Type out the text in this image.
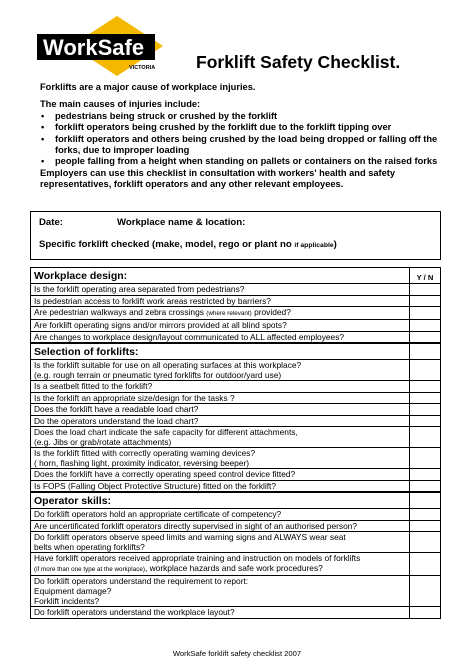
WorkSafe
VICTORIA Forklift Safety Checklist.

Forklifts are a major cause of workplace injuries.

The main causes of injuries include:

• pedestrians being struck or crushed by the forklift
• forklift operators being crushed by the forklift due to the forklift tipping over
• forklift operators and others being crushed by the load being dropped or falling off the forks, due to improper loading
• people falling from a height when standing on pallets or containers on the raised forks

Employers can use this checklist in consultation with workers' health and safety representatives, forklift operators and any other relevant employees.

Date:	Workplace name & location:
Specific forklift checked (make, model, rego or plant no if applicable)
Workplace design:	Y / N

Is the forklift operating area separated from pedestrians?	

Is pedestrian access to forklift work areas restricted by barriers?	

Are pedestrian walkways and zebra crossings (where relevant) provided?	

Are forklift operating signs and/or mirrors provided at all blind spots?	

Are changes to workplace design/layout communicated to ALL affected employees?	

Selection of forklifts:	

Is the forklift suitable for use on all operating surfaces at this workplace?
(e.g. rough terrain or pneumatic tyred forklifts for outdoor/yard use)	

Is a seatbelt fitted to the forklift?	

Is the forklift an appropriate size/design for the tasks ?	

Does the forklift have a readable load chart?	

Do the operators understand the load chart?	

Does the load chart indicate the safe capacity for different attachments,
(e.g. Jibs or grab/rotate attachments)	

Is the forklift fitted with correctly operating warning devices?
( horn, flashing light, proximity indicator, reversing beeper)	

Does the forklift have a correctly operating speed control device fitted?	

Is FOPS (Falling Object Protective Structure) fitted on the forklift?	

Operator skills:	

Do forklift operators hold an appropriate certificate of competency?	

Are uncertificated forklift operators directly supervised in sight of an authorised person?	

Do forklift operators observe speed limits and warning signs and ALWAYS wear seat
belts when operating forklifts?	

Have forklift operators received appropriate training and instruction on models of forklifts
(if more than one type at the workplace), workplace hazards and safe work procedures?	

Do forklift operators understand the requirement to report:
Equipment damage?
Forklift incidents?	

Do forklift operators understand the workplace layout?	

WorkSafe forklift safety checklist 2007
